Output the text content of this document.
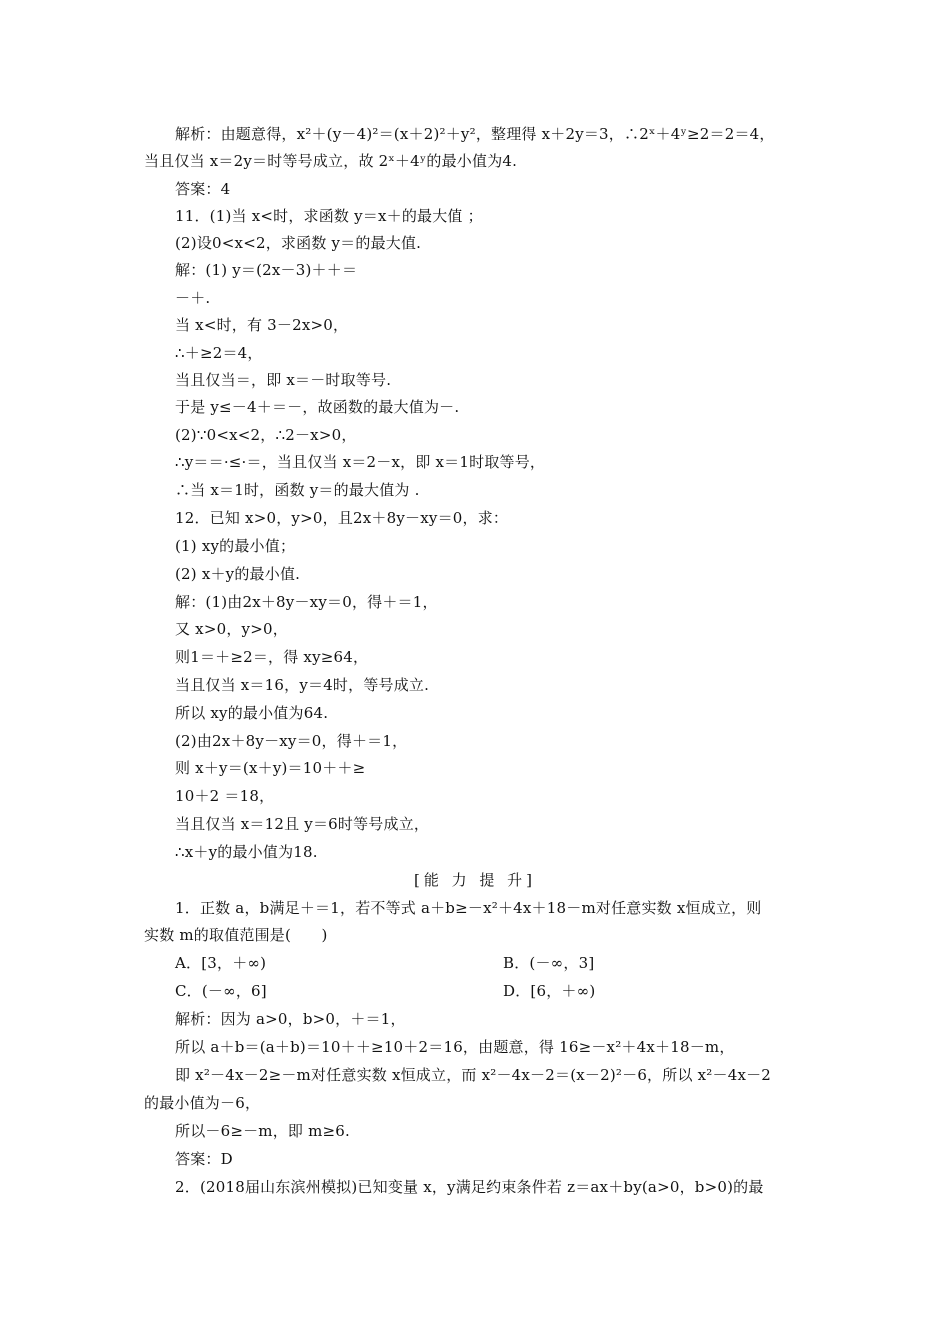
解析：由题意得，x²＋(y－4)²＝(x＋2)²＋y²，整理得 x＋2y＝3，∴2ˣ＋4ʸ≥2＝2＝4，
当且仅当 x＝2y＝时等号成立，故 2ˣ＋4ʸ的最小值为4.
答案：4
11．(1)当 x<时，求函数 y＝x＋的最大值 ；
(2)设0<x<2，求函数 y＝的最大值.
解：(1) y＝(2x－3)＋＋＝
－＋.
当 x<时，有 3－2x>0，
∴＋≥2＝4，
当且仅当＝，即 x＝－时取等号.
于是 y≤－4＋＝－，故函数的最大值为－.
(2)∵0<x<2，∴2－x>0，
∴y＝＝·≤·＝，当且仅当 x＝2－x，即 x＝1时取等号，
∴当 x＝1时，函数 y＝的最大值为 .
12．已知 x>0，y>0，且2x＋8y－xy＝0，求：
(1) xy的最小值；
(2) x＋y的最小值.
解：(1)由2x＋8y－xy＝0，得＋＝1，
又 x>0，y>0，
则1＝＋≥2＝，得 xy≥64，
当且仅当 x＝16，y＝4时，等号成立.
所以 xy的最小值为64.
(2)由2x＋8y－xy＝0，得＋＝1，
则 x＋y＝(x＋y)＝10＋＋≥
10＋2 ＝18，
当且仅当 x＝12且 y＝6时等号成立，
∴x＋y的最小值为18.
[能 力 提 升]
1．正数 a，b满足＋＝1，若不等式 a＋b≥－x²＋4x＋18－m对任意实数 x恒成立，则
实数 m的取值范围是(　　)
A．[3，＋∞)	B．(－∞，3]
C．(－∞，6]	D．[6，＋∞)
解析：因为 a>0，b>0，＋＝1，
所以 a＋b＝(a＋b)＝10＋＋≥10＋2＝16，由题意，得 16≥－x²＋4x＋18－m，
即 x²－4x－2≥－m对任意实数 x恒成立，而 x²－4x－2＝(x－2)²－6，所以 x²－4x－2
的最小值为－6，
所以－6≥－m，即 m≥6.
答案：D
2．(2018届山东滨州模拟)已知变量 x，y满足约束条件若 z＝ax＋by(a>0，b>0)的最
